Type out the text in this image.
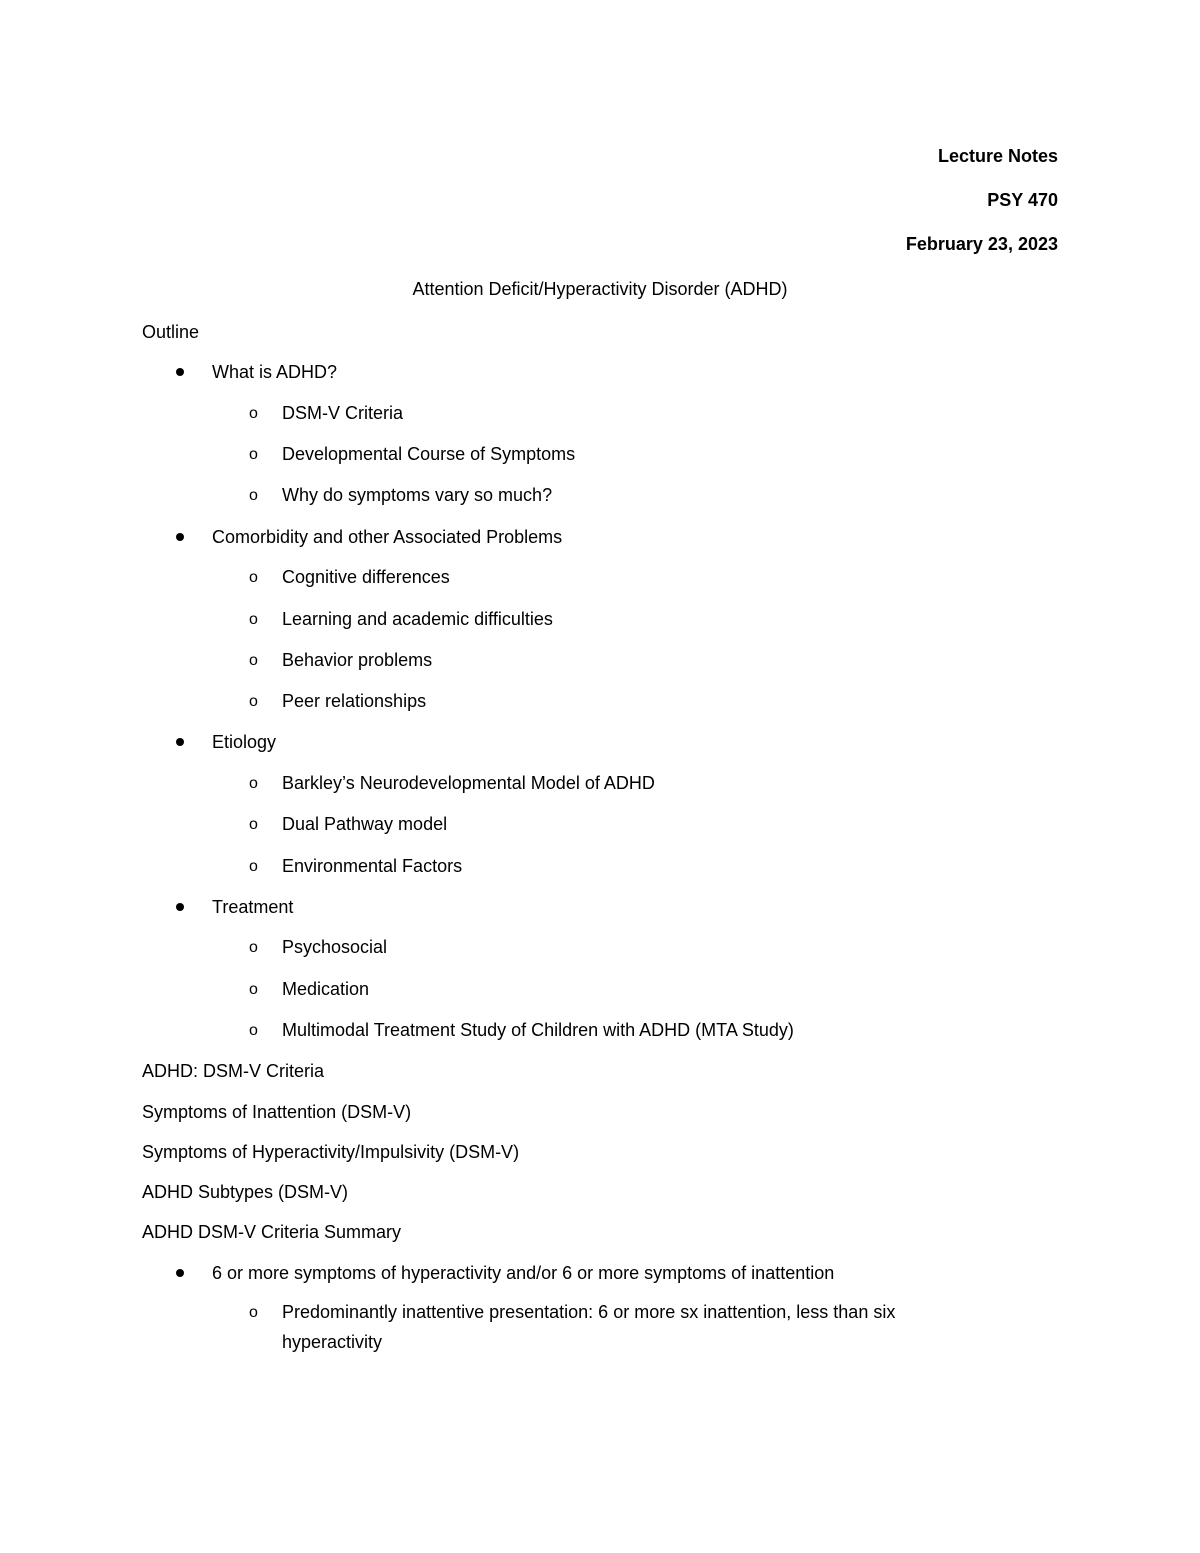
Lecture Notes
PSY 470
February 23, 2023
Attention Deficit/Hyperactivity Disorder (ADHD)
Outline
What is ADHD?
o DSM-V Criteria
o Developmental Course of Symptoms
o Why do symptoms vary so much?
Comorbidity and other Associated Problems
o Cognitive differences
o Learning and academic difficulties
o Behavior problems
o Peer relationships
Etiology
o Barkley’s Neurodevelopmental Model of ADHD
o Dual Pathway model
o Environmental Factors
Treatment
o Psychosocial
o Medication
o Multimodal Treatment Study of Children with ADHD (MTA Study)
ADHD: DSM-V Criteria
Symptoms of Inattention (DSM-V)
Symptoms of Hyperactivity/Impulsivity (DSM-V)
ADHD Subtypes (DSM-V)
ADHD DSM-V Criteria Summary
6 or more symptoms of hyperactivity and/or 6 or more symptoms of inattention
o Predominantly inattentive presentation: 6 or more sx inattention, less than six hyperactivity
